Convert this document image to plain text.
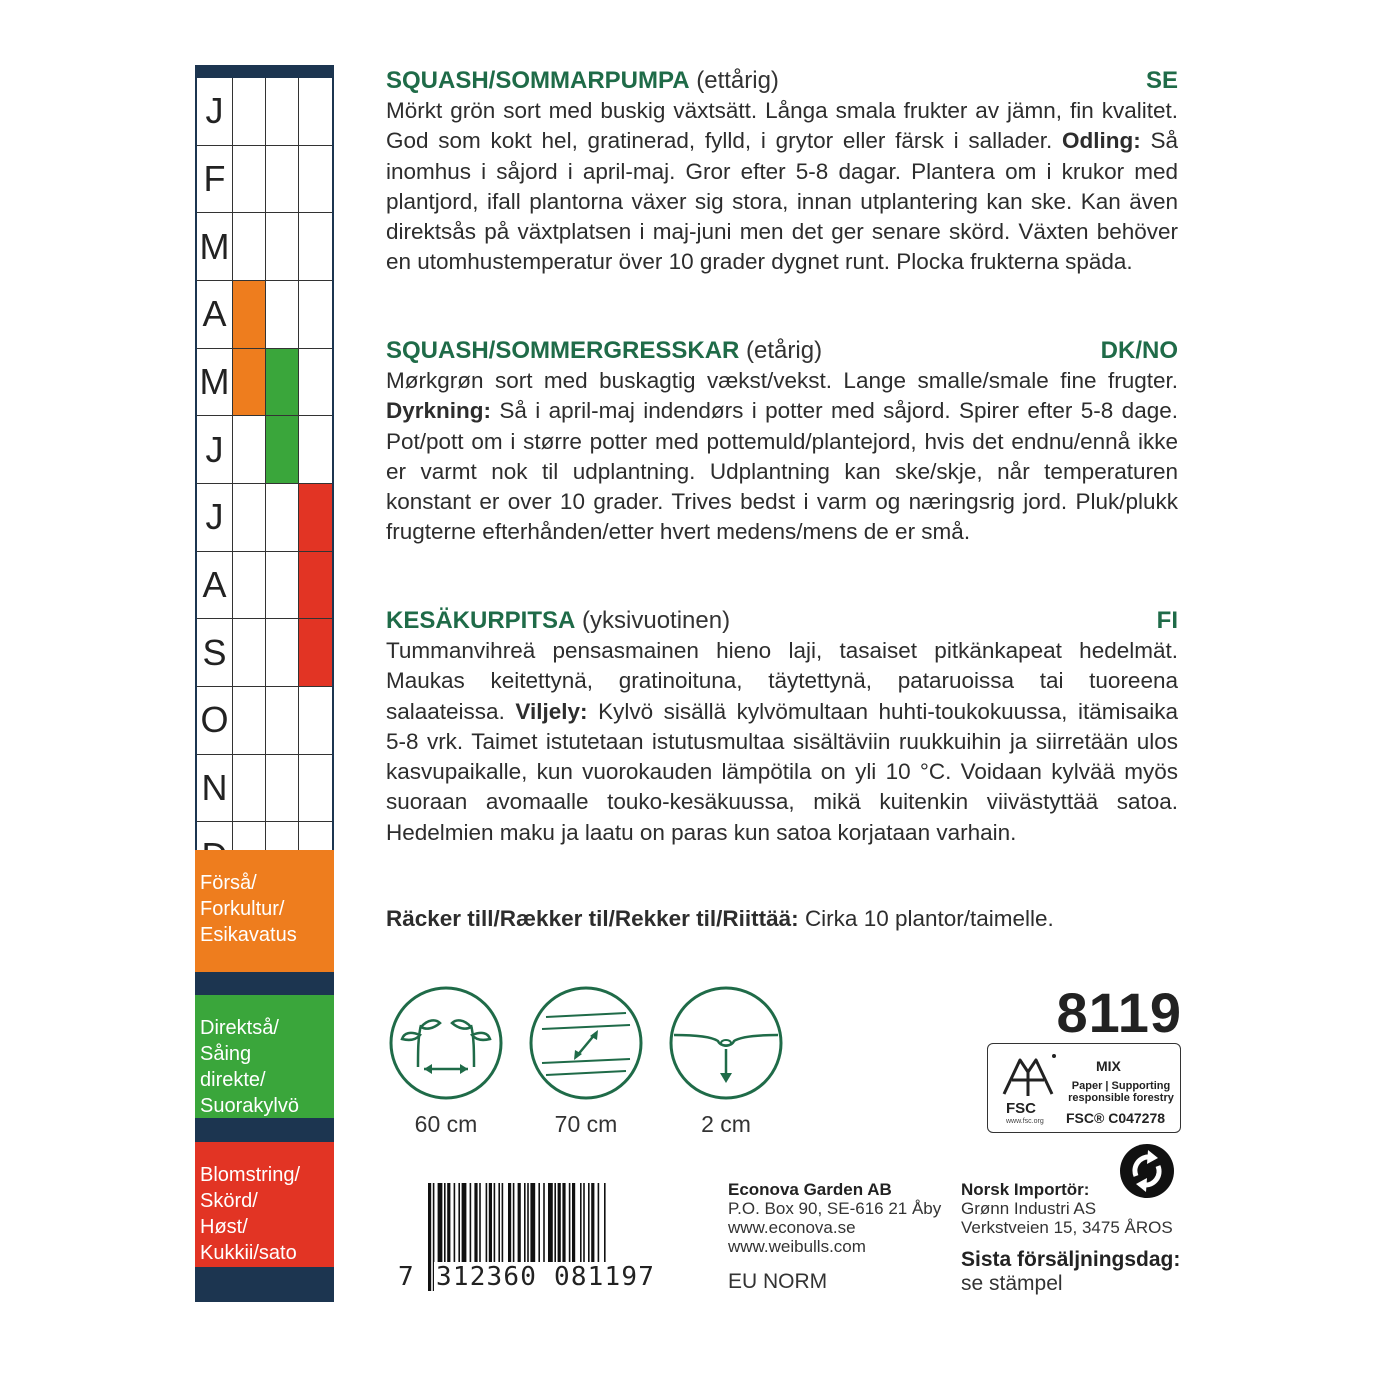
J
F
M
A
M
J
J
A
S
O
N
Förså/
Forkultur/
Esikavatus
Direktså/
Såing
direkte/
Suorakylvö
Blomstring/
Skörd/
Høst/
Kukkii/sato
SQUASH/SOMMARPUMPA (ettårig)	SE

Mörkt grön sort med buskig växtsätt. Långa smala frukter av jämn, fin kvalitet. God som kokt hel, gratinerad, fylld, i grytor eller färsk i sallader. Odling: Så inomhus i såjord i april-maj. Gror efter 5-8 dagar. Plantera om i krukor med plantjord, ifall plantorna växer sig stora, innan utplantering kan ske. Kan även direktsås på växtplatsen i maj-juni men det ger senare skörd. Växten behöver en utomhustemperatur över 10 grader dygnet runt. Plocka frukterna späda.

SQUASH/SOMMERGRESSKAR (etårig)	DK/NO

Mørkgrøn sort med buskagtig vækst/vekst. Lange smalle/smale fine frugter. Dyrkning: Så i april-maj indendørs i potter med såjord. Spirer efter 5-8 dage. Pot/pott om i større potter med pottemuld/plantejord, hvis det endnu/ennå ikke er varmt nok til udplantning. Udplantning kan ske/skje, når temperaturen konstant er over 10 grader. Trives bedst i varm og næringsrig jord. Pluk/plukk frugterne efterhånden/etter hvert medens/mens de er små.

KESÄKURPITSA (yksivuotinen)	FI

Tummanvihreä pensasmainen hieno laji, tasaiset pitkänkapeat hedelmät. Maukas keitettynä, gratinoituna, täytettynä, pataruoissa tai tuoreena salaateissa. Viljely: Kylvö sisällä kylvömultaan huhti-toukokuussa, itämisaika 5-8 vrk. Taimet istutetaan istutusmultaa sisältäviin ruukkuihin ja siirretään ulos kasvupaikalle, kun vuorokauden lämpötila on yli 10 °C. Voidaan kylvää myös suoraan avomaalle touko-kesäkuussa, mikä kuitenkin viivästyttää satoa. Hedelmien maku ja laatu on paras kun satoa korjataan varhain.

Räcker till/Rækker til/Rekker til/Riittää: Cirka 10 plantor/taimelle.
60 cm	70 cm	2 cm
8119
FSC
www.fsc.org
MIX
Paper | Supporting responsible forestry
FSC® C047278
7 312360 081197
Econova Garden AB
P.O. Box 90, SE-616 21 Åby
www.econova.se
www.weibulls.com
EU NORM
Norsk Importör:
Grønn Industri AS
Verkstveien 15, 3475 ÅROS
Sista försäljningsdag:
se stämpel
